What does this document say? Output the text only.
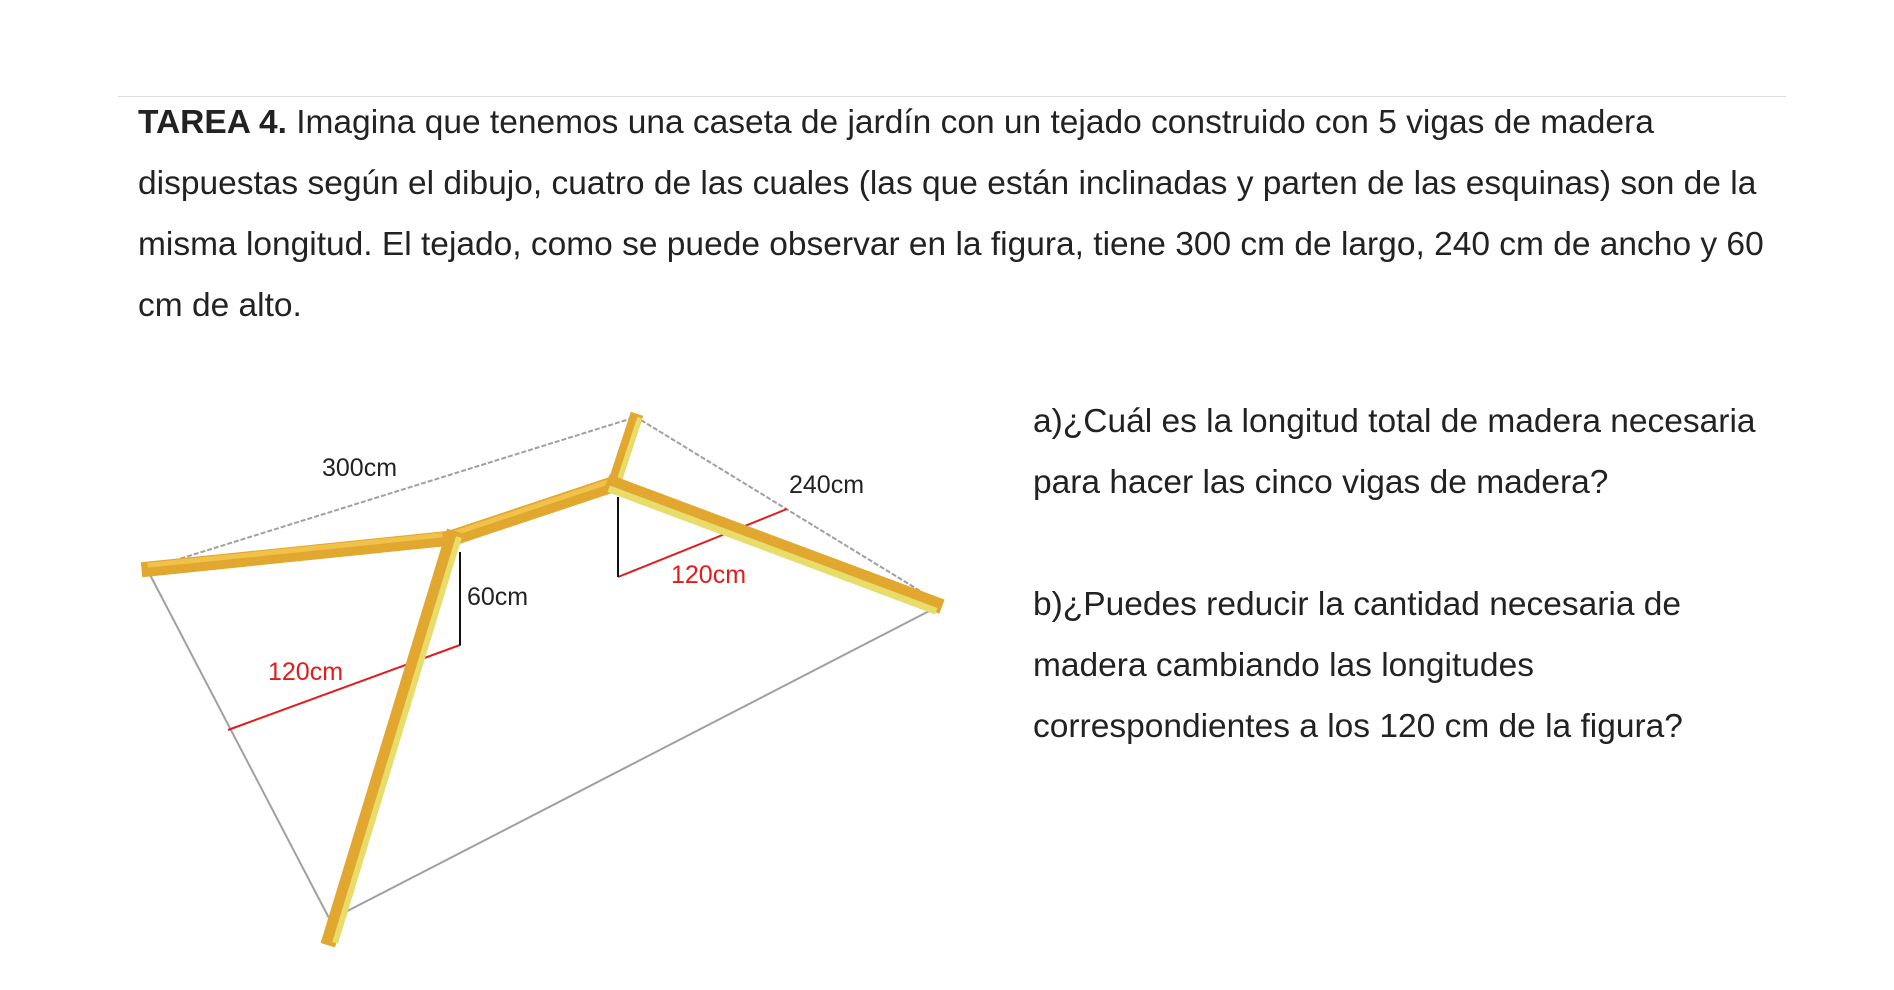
TAREA 4. Imagina que tenemos una caseta de jardín con un tejado construido con 5 vigas de madera dispuestas según el dibujo, cuatro de las cuales (las que están inclinadas y parten de las esquinas) son de la misma longitud. El tejado, como se puede observar en la figura, tiene 300 cm de largo, 240 cm de ancho y 60 cm de alto.

300cm
240cm
60cm
120cm
120cm

a)¿Cuál es la longitud total de madera necesaria para hacer las cinco vigas de madera?

b)¿Puedes reducir la cantidad necesaria de madera cambiando las longitudes correspondientes a los 120 cm de la figura?
